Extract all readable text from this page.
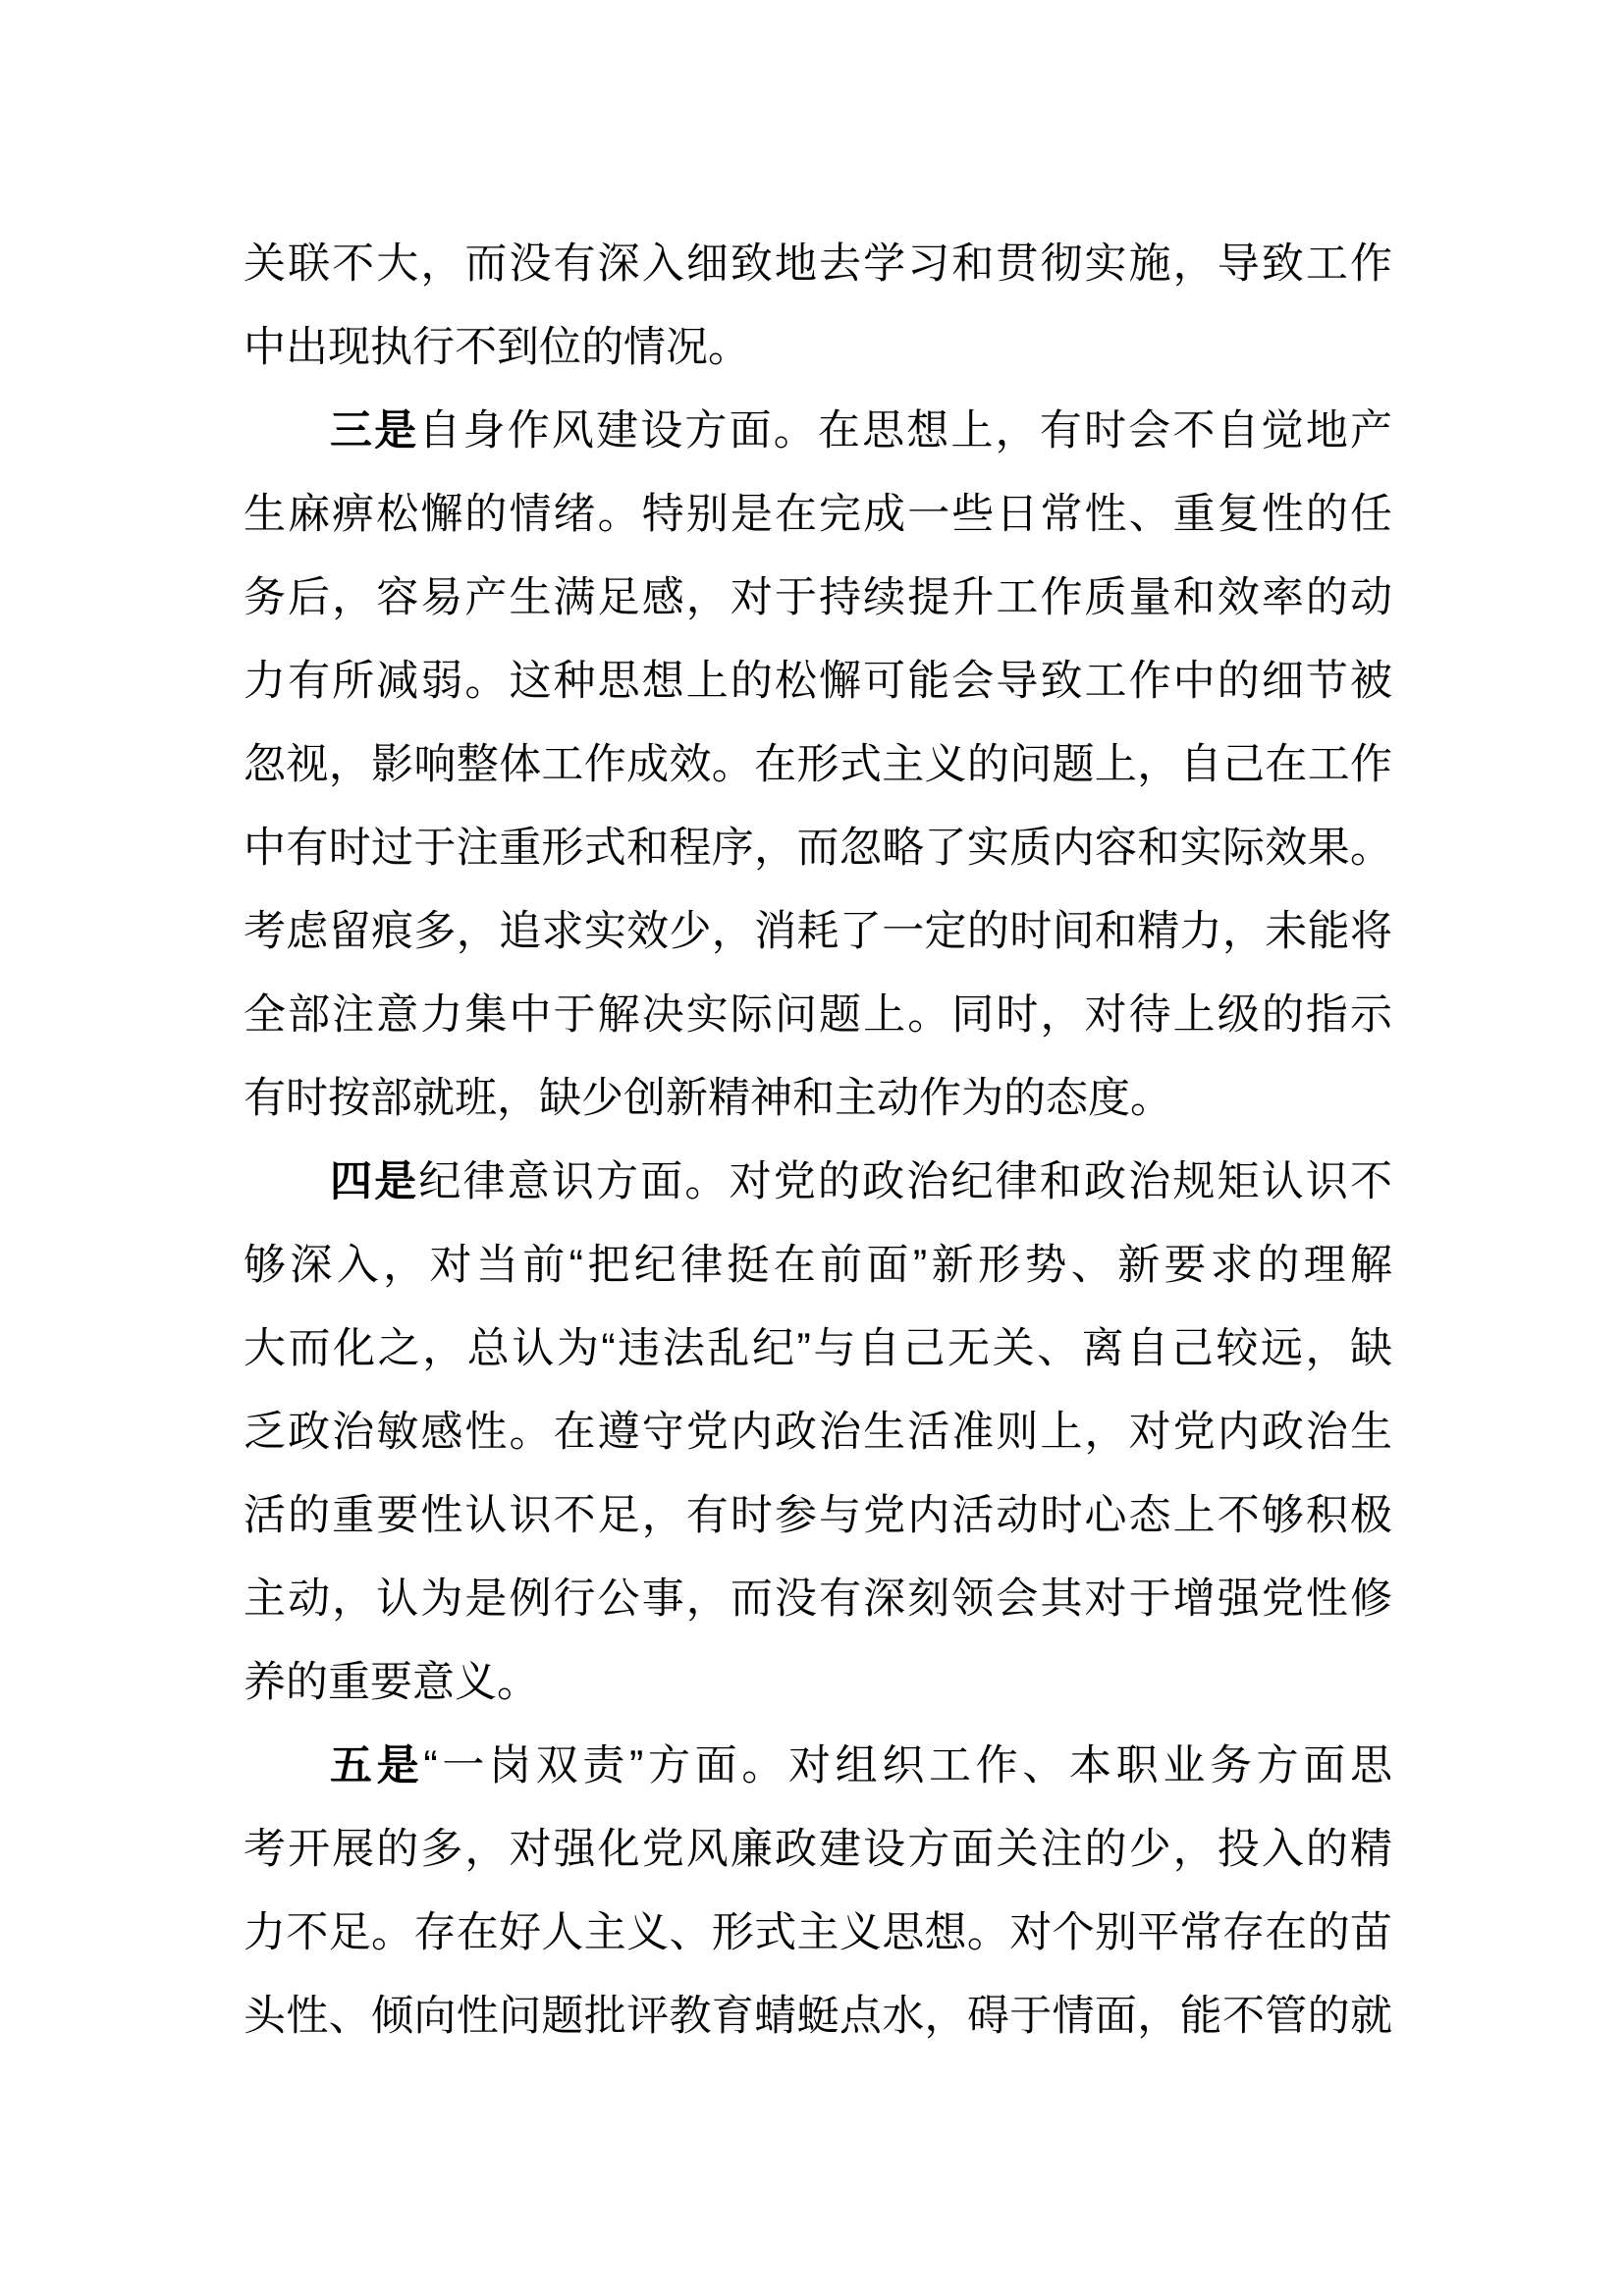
关联不大，而没有深入细致地去学习和贯彻实施，导致工作
中出现执行不到位的情况。
三是自身作风建设方面。在思想上，有时会不自觉地产
生麻痹松懈的情绪。特别是在完成一些日常性、重复性的任
务后，容易产生满足感，对于持续提升工作质量和效率的动
力有所减弱。这种思想上的松懈可能会导致工作中的细节被
忽视，影响整体工作成效。在形式主义的问题上，自己在工作
中有时过于注重形式和程序，而忽略了实质内容和实际效果。
考虑留痕多，追求实效少，消耗了一定的时间和精力，未能将
全部注意力集中于解决实际问题上。同时，对待上级的指示
有时按部就班，缺少创新精神和主动作为的态度。
四是纪律意识方面。对党的政治纪律和政治规矩认识不
够深入，对当前“把纪律挺在前面”新形势、新要求的理解
大而化之，总认为“违法乱纪”与自己无关、离自己较远，缺
乏政治敏感性。在遵守党内政治生活准则上，对党内政治生
活的重要性认识不足，有时参与党内活动时心态上不够积极
主动，认为是例行公事，而没有深刻领会其对于增强党性修
养的重要意义。
五是“一岗双责”方面。对组织工作、本职业务方面思
考开展的多，对强化党风廉政建设方面关注的少，投入的精
力不足。存在好人主义、形式主义思想。对个别平常存在的苗
头性、倾向性问题批评教育蜻蜓点水，碍于情面，能不管的就
